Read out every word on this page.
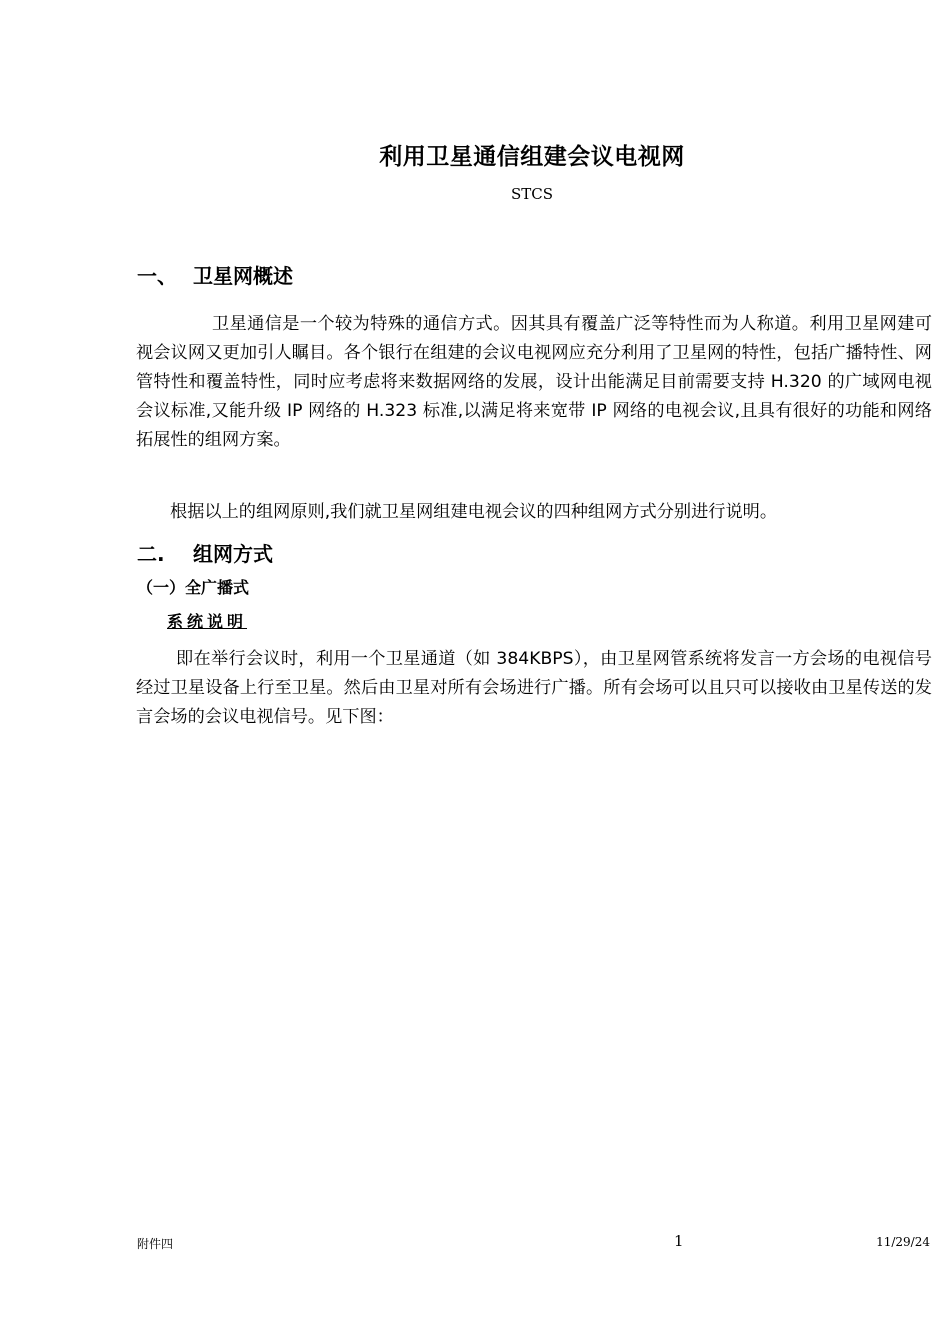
利用卫星通信组建会议电视网
STCS
一、 卫星网概述

卫星通信是一个较为特殊的通信方式。因其具有覆盖广泛等特性而为人称道。利用卫星网建可视会议网又更加引人瞩目。各个银行在组建的会议电视网应充分利用了卫星网的特性，包括广播特性、网管特性和覆盖特性，同时应考虑将来数据网络的发展，设计出能满足目前需要支持 H.320 的广域网电视会议标准,又能升级 IP 网络的 H.323 标准,以满足将来宽带 IP 网络的电视会议,且具有很好的功能和网络拓展性的组网方案。

根据以上的组网原则,我们就卫星网组建电视会议的四种组网方式分别进行说明。

二. 组网方式
（一）全广播式
系统说明

即在举行会议时，利用一个卫星通道（如 384KBPS），由卫星网管系统将发言一方会场的电视信号经过卫星设备上行至卫星。然后由卫星对所有会场进行广播。所有会场可以且只可以接收由卫星传送的发言会场的会议电视信号。见下图：

附件四	1	11/29/24
